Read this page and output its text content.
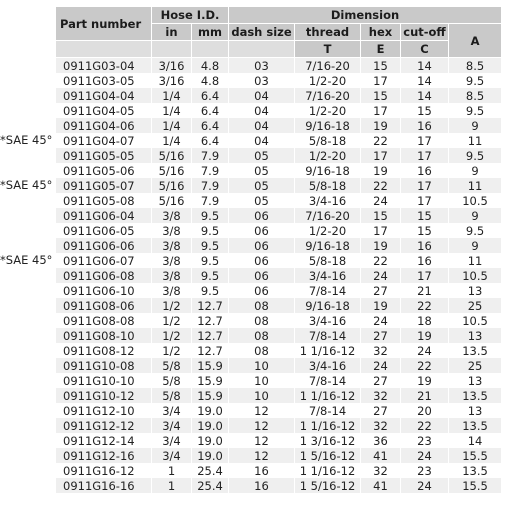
Part number	Hose I.D.		Dimension				
	in	mm	dash size	thread	hex	cut-off	A
				T	E	C	
0911G03-04	3/16	4.8	03	7/16-20	15	14	8.5
0911G03-05	3/16	4.8	03	1/2-20	17	14	9.5
0911G04-04	1/4	6.4	04	7/16-20	15	14	8.5
0911G04-05	1/4	6.4	04	1/2-20	17	15	9.5
0911G04-06	1/4	6.4	04	9/16-18	19	16	9
0911G04-07	1/4	6.4	04	5/8-18	22	17	11
0911G05-05	5/16	7.9	05	1/2-20	17	17	9.5
0911G05-06	5/16	7.9	05	9/16-18	19	16	9
0911G05-07	5/16	7.9	05	5/8-18	22	17	11
0911G05-08	5/16	7.9	05	3/4-16	24	17	10.5
0911G06-04	3/8	9.5	06	7/16-20	15	15	9
0911G06-05	3/8	9.5	06	1/2-20	17	15	9.5
0911G06-06	3/8	9.5	06	9/16-18	19	16	9
0911G06-07	3/8	9.5	06	5/8-18	22	16	11
0911G06-08	3/8	9.5	06	3/4-16	24	17	10.5
0911G06-10	3/8	9.5	06	7/8-14	27	21	13
0911G08-06	1/2	12.7	08	9/16-18	19	22	25
0911G08-08	1/2	12.7	08	3/4-16	24	18	10.5
0911G08-10	1/2	12.7	08	7/8-14	27	19	13
0911G08-12	1/2	12.7	08	1 1/16-12	32	24	13.5
0911G10-08	5/8	15.9	10	3/4-16	24	22	25
0911G10-10	5/8	15.9	10	7/8-14	27	19	13
0911G10-12	5/8	15.9	10	1 1/16-12	32	21	13.5
0911G12-10	3/4	19.0	12	7/8-14	27	20	13
0911G12-12	3/4	19.0	12	1 1/16-12	32	22	13.5
0911G12-14	3/4	19.0	12	1 3/16-12	36	23	14
0911G12-16	3/4	19.0	12	1 5/16-12	41	24	15.5
0911G16-12	1	25.4	16	1 1/16-12	32	23	13.5
0911G16-16	1	25.4	16	1 5/16-12	41	24	15.5
*SAE 45°
*SAE 45°
*SAE 45°
